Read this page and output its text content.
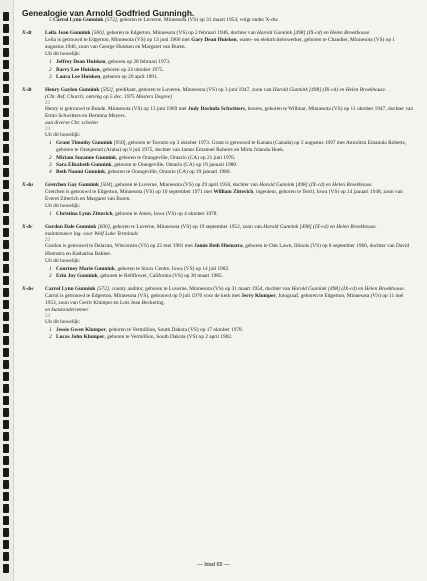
Genealogie van Arnold Godfried Gunningh.

5 Carrol Lynn Gunnink [572], geboren te Luverne, Minnesota (VS) op 31 maart 1954, volgt onder X-dw.

X-dt	Leila Jean Gunnink [500], geboren te Edgerton, Minnesota (VS) op 2 februari 1946, dochter van Harold Gunnink [498] (IX-cd) en Helen Broekhouse.

Leila is getrouwd te Edgerton, Minnesota (VS) op 13 juni 1966 met Gary Dean Huisken, water- en elektriciteitswerker, geboren te Chandler, Minnesota (VS) op 1 augustus 1946, zoon van George Huisken en Margaret van Buren.

Uit dit huwelijk:

1 Jeffrey Dean Huisken, geboren op 28 februari 1973.
2 Barry Lee Huisken, geboren op 24 oktober 1975.
3 Laura Lee Huisken, geboren op 20 april 1981.
X-dt	Henry Gaylon Gunnink [502], predikant, geboren te Luverne, Minnesota (VS) op 3 juni 1947, zoon van Harold Gunnink [498] (IX-cd) en Helen Broekhouse.

(Chr. Ref. Church; ontving op 5 dec. 1975 Masters Degree)

23

Henry is getrouwd te Bunde, Minnesota (VS) op 13 juni 1969 met Judy Dorinda Schwitters, lerares, geboren te Willmar, Minnesota (VS) op 11 oktober 1947, dochter van Ermo Schwitters en Hermina Meyers.

aan diverse Chr. scholen

23

Uit dit huwelijk:

1 Grant Timothy Gunnink [950], geboren te Toronto op 3 oktober 1973. Grant is getrouwd te Kanata (Canada) op 2 augustus 1997 met Amoritzu Emanula Roberts, geboren te Oranjestad (Aruba) op 9 juli 1975, dochter van James Emanuel Roberts en Mirta Jolanda Hoek.
2 Miriam Suzanne Gunnink, geboren te Orangeville, Ontario (CA) op 21 juni 1976.
3 Sara Elizabeth Gunnink, geboren te Orangeville, Ontario (CA) op 19 januari 1980.
4 Beth Naomi Gunnink, geboren te Orangeville, Ontario (CA) op 19 januari 1980.
X-du	Gretchen Gay Gunnink [504], geboren te Luverne, Minnesota (VS) op 29 april 1950, dochter van Harold Gunnink [498] (IX-cd) en Helen Broekhouse.

Gretchen is getrouwd te Edgerton, Minnesota (VS) op 10 september 1971 met William Zitterich, ingenieur, geboren te Terril, Iowa (VS) op 14 januari 1948, zoon van Everet Zitterich en Margaret van Buren.

Uit dit huwelijk:

1 Christina Lynn Zitterich, geboren te Ames, Iowa (VS) op 4 oktober 1978.
X-dv	Gordon Dale Gunnink [830], geboren te Luverne, Minnesota (VS) op 19 september 1952, zoon van Harold Gunnink [498] (IX-cd) en Helen Broekhouse.

maintenance ing. voor Wolf Lake Terminals

23

Gordon is getrouwd te Delavan, Wisconsin (VS) op 22 mei 1981 met Jamie Beth Hiemstra, geboren te Oak Lawn, Illinois (VS) op 8 september 1960, dochter van David Hiemstra en Katharina Bakker.

Uit dit huwelijk:

1 Courtney Marie Gunnink, geboren te Sioux Centre, Iowa (VS) op 14 juli 1982.
2 Erin Joy Gunnink, geboren te Bellflower, California (VS) op 30 maart 1985.
X-dw	Carrol Lynn Gunnink [572], county auditor, geboren te Luverne, Minnesota (VS) op 31 maart 1954, dochter van Harold Gunnink [498] (IX-cd) en Helen Broekhouse.

Carrol is getrouwd te Edgerton, Minnesota (VS), getrouwd op 9 juli 1976 voor de kerk met Jerry Klumper, fotograaf, geboren te Edgerton, Minnesota (VS) op 11 mei 1953, zoon van Gerrit Klumper en Lois Jean Beckering.

en kunstondernemer

23

Uit dit huwelijk:

1 Jessie Gwen Klumper, geboren te Vermillion, South Dakota (VS) op 17 oktober 1978.
2 Lucas John Klumper, geboren te Vermillion, South Dakota (VS) op 2 april 1982.
— blad 65 —
